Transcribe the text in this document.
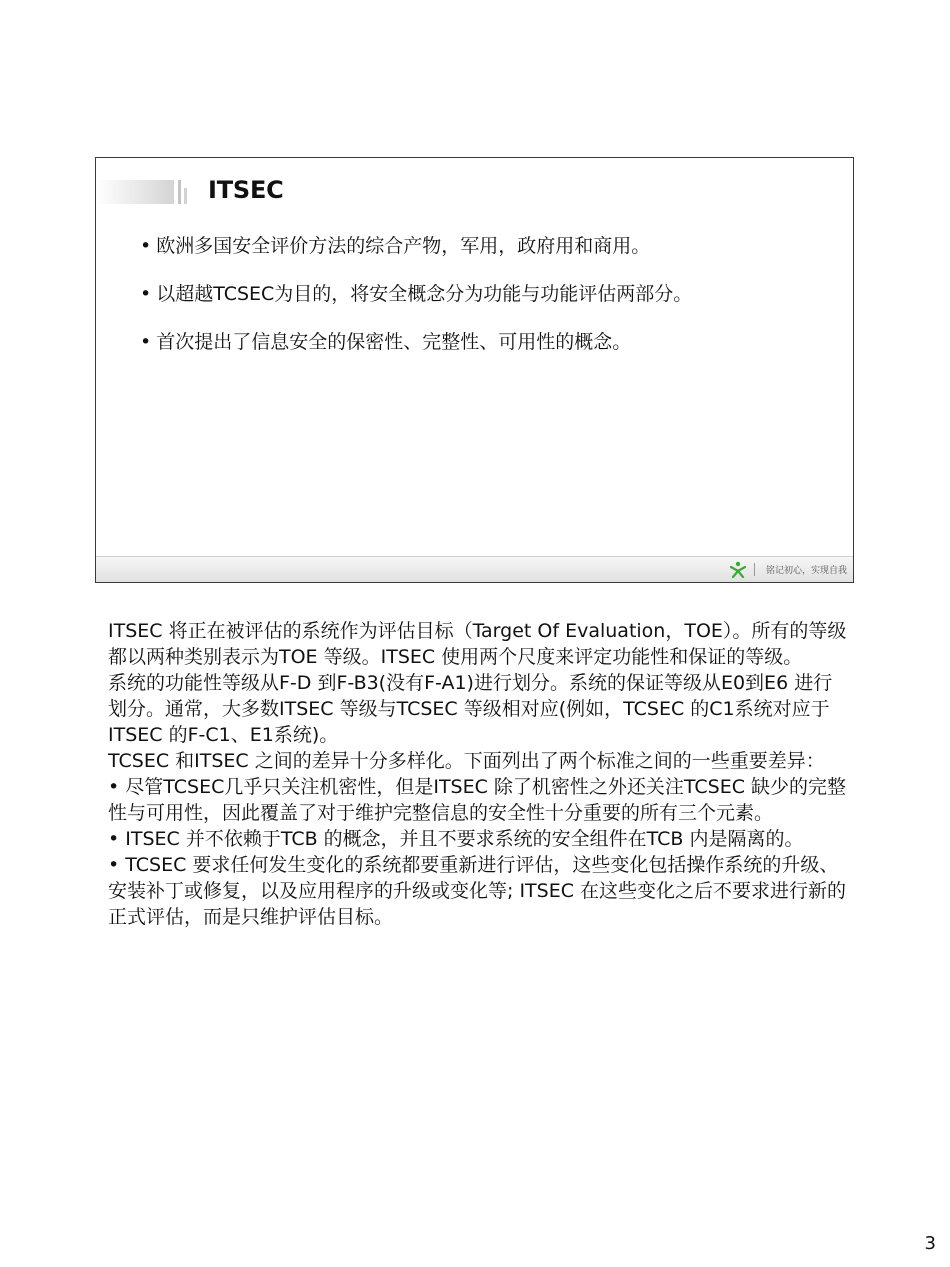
ITSEC
• 欧洲多国安全评价方法的综合产物，军用，政府用和商用。
• 以超越TCSEC为目的，将安全概念分为功能与功能评估两部分。
• 首次提出了信息安全的保密性、完整性、可用性的概念。
铭记初心，实现自我

ITSEC 将正在被评估的系统作为评估目标（Target Of Evaluation，TOE）。所有的等级都以两种类别表示为TOE 等级。ITSEC 使用两个尺度来评定功能性和保证的等级。

系统的功能性等级从F-D 到F-B3(没有F-A1)进行划分。系统的保证等级从E0到E6 进行划分。通常，大多数ITSEC 等级与TCSEC 等级相对应(例如，TCSEC 的C1系统对应于ITSEC 的F-C1、E1系统)。

TCSEC 和ITSEC 之间的差异十分多样化。下面列出了两个标准之间的一些重要差异：

• 尽管TCSEC几乎只关注机密性，但是ITSEC 除了机密性之外还关注TCSEC 缺少的完整性与可用性，因此覆盖了对于维护完整信息的安全性十分重要的所有三个元素。

• ITSEC 并不依赖于TCB 的概念，并且不要求系统的安全组件在TCB 内是隔离的。

• TCSEC 要求任何发生变化的系统都要重新进行评估，这些变化包括操作系统的升级、安装补丁或修复，以及应用程序的升级或变化等; ITSEC 在这些变化之后不要求进行新的正式评估，而是只维护评估目标。

3
